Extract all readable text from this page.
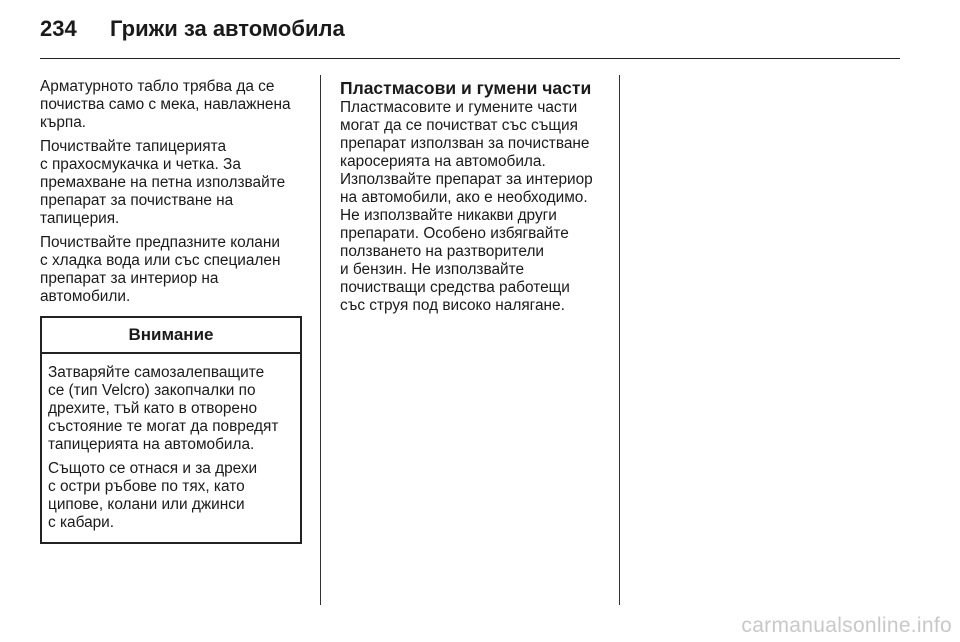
234	Грижи за автомобила

Арматурното табло трябва да се
почиства само с мека, навлажнена
кърпа.

Почиствайте тапицерията
с прахосмукачка и четка. За
премахване на петна използвайте
препарат за почистване на
тапицерия.

Почиствайте предпазните колани
с хладка вода или със специален
препарат за интериор на
автомобили.

Внимание

Затваряйте самозалепващите
се (тип Velcro) закопчалки по
дрехите, тъй като в отворено
състояние те могат да повредят
тапицерията на автомобила.

Същото се отнася и за дрехи
с остри ръбове по тях, като
ципове, колани или джинси
с кабари.

Пластмасови и гумени части

Пластмасовите и гумените части
могат да се почистват със същия
препарат използван за почистване
каросерията на автомобила.
Използвайте препарат за интериор
на автомобили, ако е необходимо.
Не използвайте никакви други
препарати. Особено избягвайте
ползването на разтворители
и бензин. Не използвайте
почистващи средства работещи
със струя под високо налягане.

carmanualsonline.info
